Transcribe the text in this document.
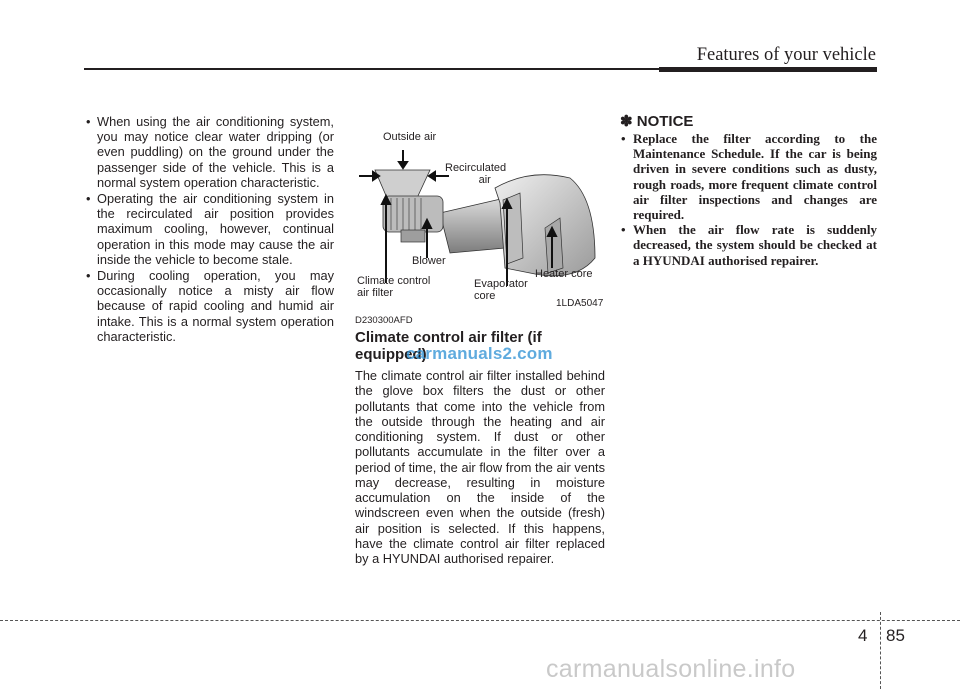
Features of your vehicle
• When using the air conditioning system, you may notice clear water dripping (or even puddling) on the ground under the passenger side of the vehicle. This is a normal system operation characteristic.
• Operating the air conditioning system in the recirculated air position provides maximum cooling, however, continual operation in this mode may cause the air inside the vehicle to become stale.
• During cooling operation, you may occasionally notice a misty air flow because of rapid cooling and humid air intake. This is a normal system operation characteristic.
Outside air
Recirculated
air
Blower
Climate control
air filter
Evaporator
core
Heater core
1LDA5047
D230300AFD
Climate control air filter (if equipped)
carmanuals2.com
The climate control air filter installed behind the glove box filters the dust or other pollutants that come into the vehicle from the outside through the heating and air conditioning system. If dust or other pollutants accumulate in the filter over a period of time, the air flow from the air vents may decrease, resulting in moisture accumulation on the inside of the windscreen even when the outside (fresh) air position is selected. If this happens, have the climate control air filter replaced by a HYUNDAI authorised repairer.
✽ NOTICE
• Replace the filter according to the Maintenance Schedule. If the car is being driven in severe conditions such as dusty, rough roads, more frequent climate control air filter inspections and changes are required.
• When the air flow rate is suddenly decreased, the system should be checked at a HYUNDAI authorised repairer.
4 85
carmanualsonline.info
